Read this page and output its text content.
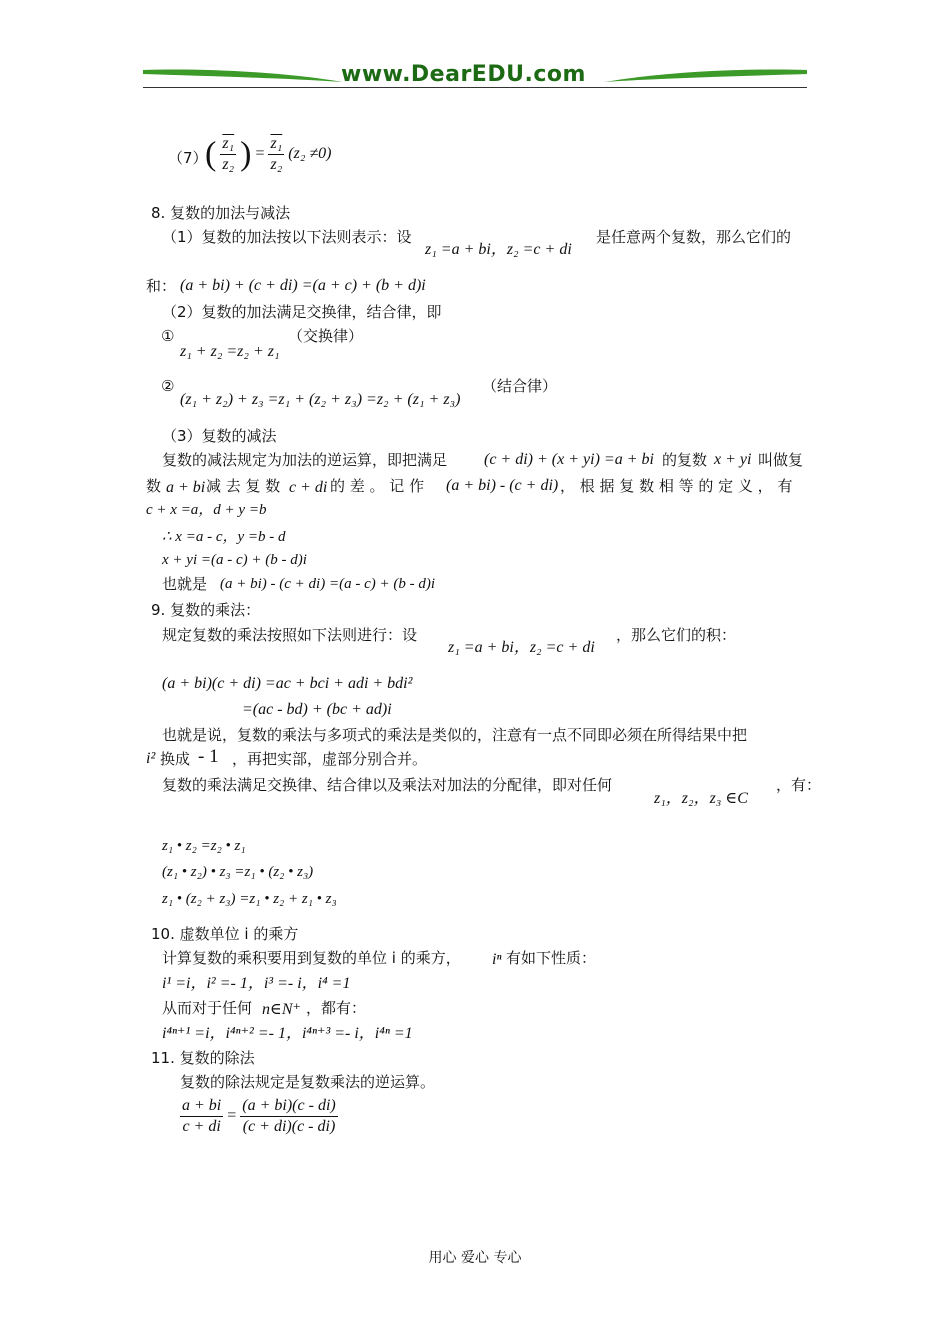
www.DearEDU.com
（7）
( $\frac{\text{z₁}}{\text{z₂}}$ ) = $\frac{\text{z₁}}{\text{z₂}} (z_2 \ne 0)$
8. 复数的加法与减法
（1）复数的加法按以下法则表示：设
z₁ =a + bi，z₂ =c + di
是任意两个复数，那么它们的
和： (a + bi) + (c + di) =(a + c) + (b + d)i
（2）复数的加法满足交换律，结合律，即
①
z₁ + z₂ =z₂ + z₁
（交换律）
②
(z₁ + z₂) + z₃ =z₁ + (z₂ + z₃) =z₂ + (z₁ + z₃)
（结合律）
（3）复数的减法
复数的减法规定为加法的逆运算，即把满足 (c + di) + (x + yi) =a + bi 的复数 x + yi 叫做复
数 a + bi 减 去 复 数 c + di 的 差 。 记 作 (a + bi) - (c + di) ， 根 据 复 数 相 等 的 定 义 ， 有
c + x =a，d + y =b
∴ x =a - c，y =b - d
x + yi =(a - c) + (b - d)i
也就是 (a + bi) - (c + di) =(a - c) + (b - d)i
9. 复数的乘法：
规定复数的乘法按照如下法则进行：设
z₁ =a + bi，z₂ =c + di
，那么它们的积：
(a + bi)(c + di) =ac + bci + adi + bdi²
=(ac - bd) + (bc + ad)i
也就是说，复数的乘法与多项式的乘法是类似的，注意有一点不同即必须在所得结果中把
i² 换成 - 1 ，再把实部，虚部分别合并。
复数的乘法满足交换律、结合律以及乘法对加法的分配律，即对任何
z₁，z₂，z₃ ∈C
，有：
z₁ • z₂ =z₂ • z₁
(z₁ • z₂) • z₃ =z₁ • (z₂ • z₃)
z₁ • (z₂ + z₃) =z₁ • z₂ + z₁ • z₃
10. 虚数单位 i 的乘方
计算复数的乘积要用到复数的单位 i 的乘方， iⁿ 有如下性质：
i¹ =i，i² =- 1，i³ =- i，i⁴ =1
从而对于任何 n∈N⁺ ，都有：
i⁴ⁿ⁺¹ =i，i⁴ⁿ⁺² =- 1，i⁴ⁿ⁺³ =- i，i⁴ⁿ =1
11. 复数的除法
复数的除法规定是复数乘法的逆运算。
$\frac{a + bi}{c + di} = \frac{(a + bi)(c - di)}{(c + di)(c - di)}$
用心 爱心 专心
